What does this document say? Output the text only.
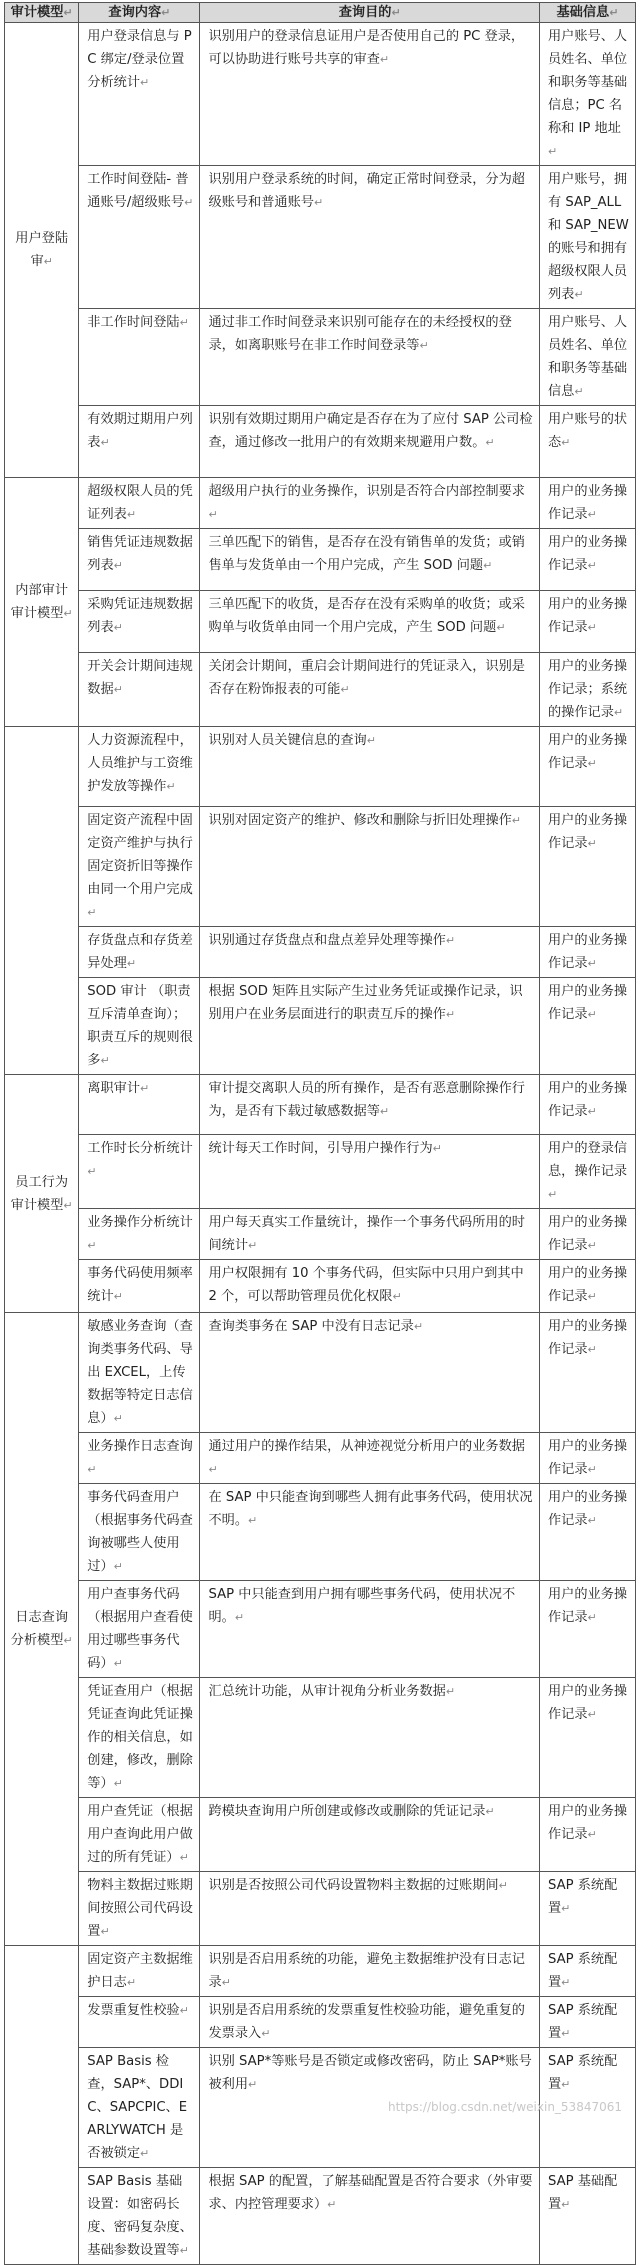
审计模型↵	查询内容↵	查询目的↵	基础信息↵
用户登陆审↵	用户登录信息与 PC 绑定/登录位置分析统计↵	识别用户的登录信息证用户是否使用自己的 PC 登录，可以协助进行账号共享的审查↵	用户账号、人员姓名、单位和职务等基础信息；PC 名称和 IP 地址↵
	工作时间登陆- 普通账号/超级账号↵	识别用户登录系统的时间，确定正常时间登录，分为超级账号和普通账号↵	用户账号，拥有 SAP_ALL 和 SAP_NEW 的账号和拥有超级权限人员列表↵
	非工作时间登陆↵	通过非工作时间登录来识别可能存在的未经授权的登录，如离职账号在非工作时间登录等↵	用户账号、人员姓名、单位和职务等基础信息↵
	有效期过期用户列表↵	识别有效期过期用户确定是否存在为了应付 SAP 公司检查，通过修改一批用户的有效期来规避用户数。↵	用户账号的状态↵
内部审计审计模型↵	超级权限人员的凭证列表↵	超级用户执行的业务操作，识别是否符合内部控制要求↵	用户的业务操作记录↵
	销售凭证违规数据列表↵	三单匹配下的销售，是否存在没有销售单的发货；或销售单与发货单由一个用户完成，产生 SOD 问题↵	用户的业务操作记录↵
	采购凭证违规数据列表↵	三单匹配下的收货，是否存在没有采购单的收货；或采购单与收货单由同一个用户完成，产生 SOD 问题↵	用户的业务操作记录↵
	开关会计期间违规数据↵	关闭会计期间，重启会计期间进行的凭证录入，识别是否存在粉饰报表的可能↵	用户的业务操作记录；系统的操作记录↵
	人力资源流程中，人员维护与工资维护发放等操作↵	识别对人员关键信息的查询↵	用户的业务操作记录↵
	固定资产流程中固定资产维护与执行固定资折旧等操作由同一个用户完成↵	识别对固定资产的维护、修改和删除与折旧处理操作↵	用户的业务操作记录↵
	存货盘点和存货差异处理↵	识别通过存货盘点和盘点差异处理等操作↵	用户的业务操作记录↵
	SOD 审计 （职责互斥清单查询）；职责互斥的规则很多↵	根据 SOD 矩阵且实际产生过业务凭证或操作记录，识别用户在业务层面进行的职责互斥的操作↵	用户的业务操作记录↵
员工行为审计模型↵	离职审计↵	审计提交离职人员的所有操作，是否有恶意删除操作行为，是否有下载过敏感数据等↵	用户的业务操作记录↵
	工作时长分析统计↵	统计每天工作时间，引导用户操作行为↵	用户的登录信息，操作记录↵
	业务操作分析统计↵	用户每天真实工作量统计，操作一个事务代码所用的时间统计↵	用户的业务操作记录↵
	事务代码使用频率统计↵	用户权限拥有 10 个事务代码，但实际中只用户到其中 2 个，可以帮助管理员优化权限↵	用户的业务操作记录↵
日志查询分析模型↵	敏感业务查询（查询类事务代码、导出 EXCEL，上传数据等特定日志信息）↵	查询类事务在 SAP 中没有日志记录↵	用户的业务操作记录↵
	业务操作日志查询↵	通过用户的操作结果，从神迹视觉分析用户的业务数据↵	用户的业务操作记录↵
	事务代码查用户（根据事务代码查询被哪些人使用过）↵	在 SAP 中只能查询到哪些人拥有此事务代码，使用状况不明。↵	用户的业务操作记录↵
	用户查事务代码（根据用户查看使用过哪些事务代码）↵	SAP 中只能查到用户拥有哪些事务代码，使用状况不明。↵	用户的业务操作记录↵
	凭证查用户（根据凭证查询此凭证操作的相关信息，如创建，修改，删除等）↵	汇总统计功能，从审计视角分析业务数据↵	用户的业务操作记录↵
	用户查凭证（根据用户查询此用户做过的所有凭证）↵	跨模块查询用户所创建或修改或删除的凭证记录↵	用户的业务操作记录↵
	物料主数据过账期间按照公司代码设置↵	识别是否按照公司代码设置物料主数据的过账期间↵	SAP 系统配置↵
	固定资产主数据维护日志↵	识别是否启用系统的功能，避免主数据维护没有日志记录↵	SAP 系统配置↵
	发票重复性校验↵	识别是否启用系统的发票重复性校验功能，避免重复的发票录入↵	SAP 系统配置↵
	SAP Basis 检查，SAP*、DDIC、SAPCPIC、EARLYWATCH 是否被锁定↵	识别 SAP*等账号是否锁定或修改密码，防止 SAP*账号被利用↵	SAP 系统配置↵
	SAP Basis 基础设置：如密码长度、密码复杂度、基础参数设置等↵	根据 SAP 的配置，了解基础配置是否符合要求（外审要求、内控管理要求）↵	SAP 基础配置↵
https://blog.csdn.net/weixin_53847061
